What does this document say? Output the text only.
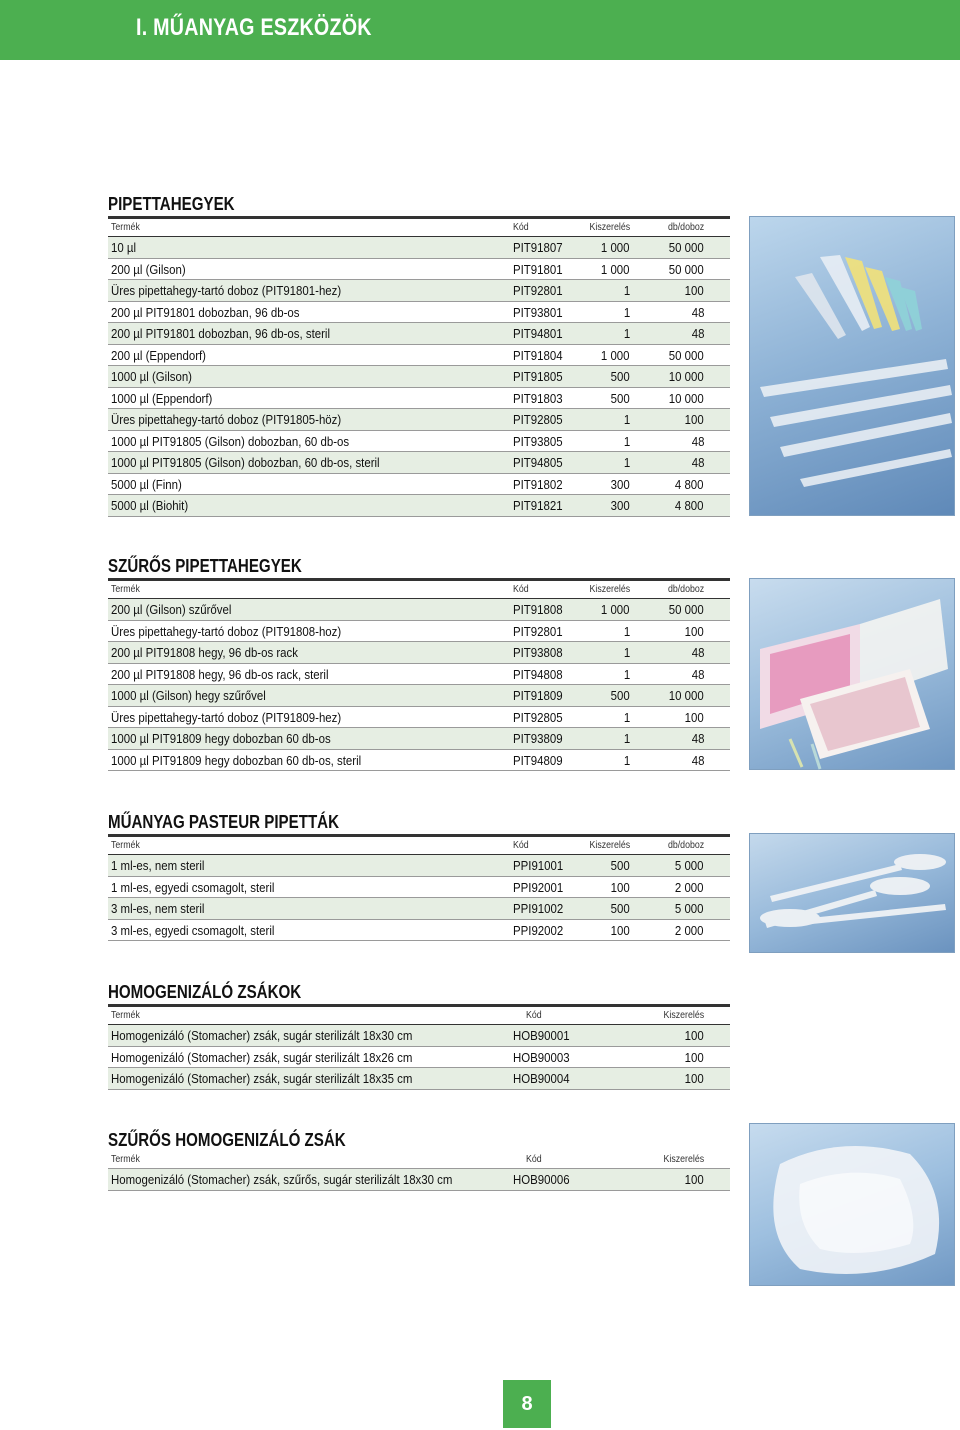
I. MŰANYAG ESZKÖZÖK
PIPETTAHEGYEK
Termék	Kód	Kiszerelés	db/doboz
10 µl	PIT91807	1 000	50 000
200 µl (Gilson)	PIT91801	1 000	50 000
Üres pipettahegy-tartó doboz (PIT91801-hez)	PIT92801	1	100
200 µl PIT91801 dobozban, 96 db-os	PIT93801	1	48
200 µl PIT91801 dobozban, 96 db-os, steril	PIT94801	1	48
200 µl (Eppendorf)	PIT91804	1 000	50 000
1000 µl (Gilson)	PIT91805	500	10 000
1000 µl (Eppendorf)	PIT91803	500	10 000
Üres pipettahegy-tartó doboz (PIT91805-höz)	PIT92805	1	100
1000 µl PIT91805 (Gilson) dobozban, 60 db-os	PIT93805	1	48
1000 µl PIT91805 (Gilson) dobozban, 60 db-os, steril	PIT94805	1	48
5000 µl (Finn)	PIT91802	300	4 800
5000 µl (Biohit)	PIT91821	300	4 800
SZŰRŐS PIPETTAHEGYEK
Termék	Kód	Kiszerelés	db/doboz
200 µl (Gilson) szűrővel	PIT91808	1 000	50 000
Üres pipettahegy-tartó doboz (PIT91808-hoz)	PIT92801	1	100
200 µl PIT91808 hegy, 96 db-os rack	PIT93808	1	48
200 µl PIT91808 hegy, 96 db-os rack, steril	PIT94808	1	48
1000 µl (Gilson) hegy szűrővel	PIT91809	500	10 000
Üres pipettahegy-tartó doboz (PIT91809-hez)	PIT92805	1	100
1000 µl PIT91809 hegy dobozban 60 db-os	PIT93809	1	48
1000 µl PIT91809 hegy dobozban 60 db-os, steril	PIT94809	1	48
MŰANYAG PASTEUR PIPETTÁK
Termék	Kód	Kiszerelés	db/doboz
1 ml-es, nem steril	PPI91001	500	5 000
1 ml-es, egyedi csomagolt, steril	PPI92001	100	2 000
3 ml-es, nem steril	PPI91002	500	5 000
3 ml-es, egyedi csomagolt, steril	PPI92002	100	2 000
HOMOGENIZÁLÓ ZSÁKOK
Termék	Kód	Kiszerelés
Homogenizáló (Stomacher) zsák, sugár sterilizált 18x30 cm	HOB90001	100
Homogenizáló (Stomacher) zsák, sugár sterilizált 18x26 cm	HOB90003	100
Homogenizáló (Stomacher) zsák, sugár sterilizált 18x35 cm	HOB90004	100
SZŰRŐS HOMOGENIZÁLÓ ZSÁK
Termék	Kód	Kiszerelés
Homogenizáló (Stomacher) zsák, szűrős, sugár sterilizált 18x30 cm	HOB90006	100
8
